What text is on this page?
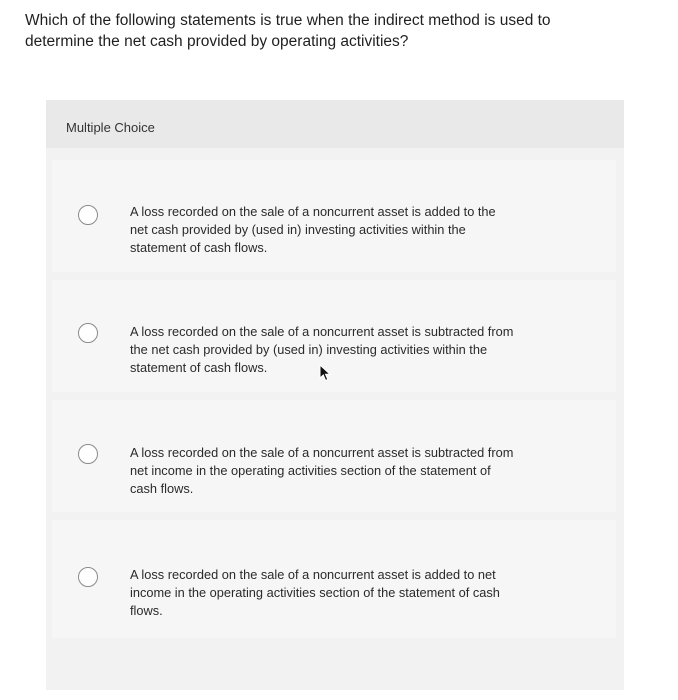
Which of the following statements is true when the indirect method is used to determine the net cash provided by operating activities?

Multiple Choice
A loss recorded on the sale of a noncurrent asset is added to the net cash provided by (used in) investing activities within the statement of cash flows.
A loss recorded on the sale of a noncurrent asset is subtracted from the net cash provided by (used in) investing activities within the statement of cash flows.
A loss recorded on the sale of a noncurrent asset is subtracted from net income in the operating activities section of the statement of cash flows.
A loss recorded on the sale of a noncurrent asset is added to net income in the operating activities section of the statement of cash flows.
